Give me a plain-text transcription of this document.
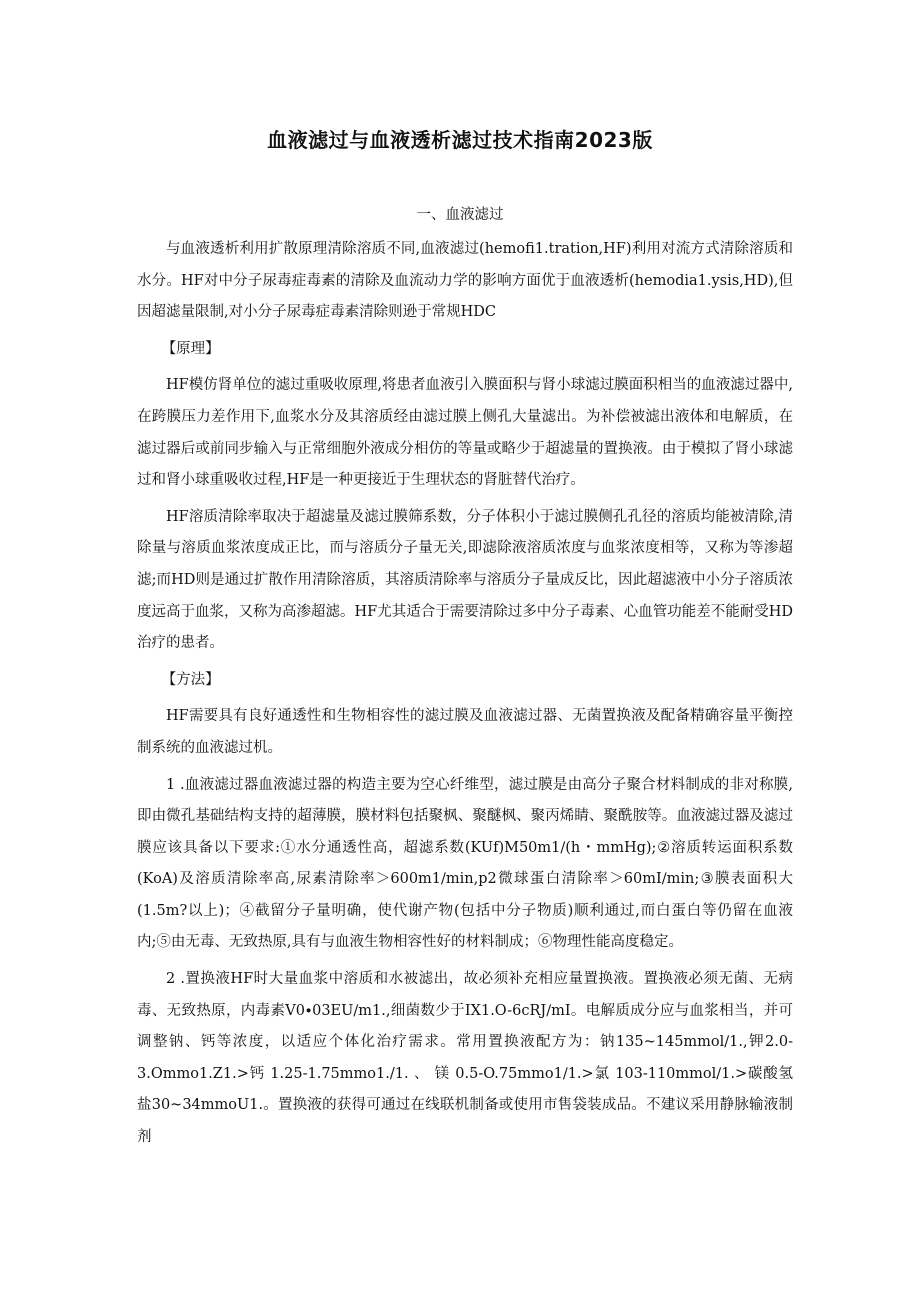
血液滤过与血液透析滤过技术指南2023版
一、血液滤过

与血液透析利用扩散原理清除溶质不同,血液滤过(hemofi1.tration,HF)利用对流方式清除溶质和水分。HF对中分子尿毒症毒素的清除及血流动力学的影响方面优于血液透析(hemodia1.ysis,HD),但因超滤量限制,对小分子尿毒症毒素清除则逊于常规HDC

【原理】

HF模仿肾单位的滤过重吸收原理,将患者血液引入膜面积与肾小球滤过膜面积相当的血液滤过器中,在跨膜压力差作用下,血浆水分及其溶质经由滤过膜上侧孔大量滤出。为补偿被滤出液体和电解质，在滤过器后或前同步输入与正常细胞外液成分相仿的等量或略少于超滤量的置换液。由于模拟了肾小球滤过和肾小球重吸收过程,HF是一种更接近于生理状态的肾脏替代治疗。

HF溶质清除率取决于超滤量及滤过膜筛系数，分子体积小于滤过膜侧孔孔径的溶质均能被清除,清除量与溶质血浆浓度成正比，而与溶质分子量无关,即滤除液溶质浓度与血浆浓度相等，又称为等渗超滤;而HD则是通过扩散作用清除溶质，其溶质清除率与溶质分子量成反比，因此超滤液中小分子溶质浓度远高于血浆，又称为高渗超滤。HF尤其适合于需要清除过多中分子毒素、心血管功能差不能耐受HD治疗的患者。

【方法】

HF需要具有良好通透性和生物相容性的滤过膜及血液滤过器、无菌置换液及配备精确容量平衡控制系统的血液滤过机。

1 .血液滤过器血液滤过器的构造主要为空心纤维型，滤过膜是由高分子聚合材料制成的非对称膜,即由微孔基础结构支持的超薄膜，膜材料包括聚枫、聚醚枫、聚丙烯睛、聚酰胺等。血液滤过器及滤过膜应该具备以下要求:①水分通透性高，超滤系数(KUf)M50m1∕(h・mmHg);②溶质转运面积系数(KoA)及溶质清除率高,尿素清除率＞600m1∕min,p2微球蛋白清除率＞60mI∕min;③膜表面积大(1.5m?以上)；④截留分子量明确，使代谢产物(包括中分子物质)顺利通过,而白蛋白等仍留在血液内;⑤由无毒、无致热原,具有与血液生物相容性好的材料制成；⑥物理性能高度稳定。

2 .置换液HF时大量血浆中溶质和水被滤出，故必须补充相应量置换液。置换液必须无菌、无病毒、无致热原，内毒素V0∙03EU∕m1.,细菌数少于IX1.O-6cRJ∕mI。电解质成分应与血浆相当，并可调整钠、钙等浓度，以适应个体化治疗需求。常用置换液配方为：钠135~145mmol∕1.,钾2.0-3.Ommo1.Z1.>钙 1.25-1.75mmo1./1. 、 镁 0.5-O.75mmo1∕1.>氯 103-110mmol∕1.>碳酸氢盐30~34mmoU1.。置换液的获得可通过在线联机制备或使用市售袋装成品。不建议采用静脉输液制剂
